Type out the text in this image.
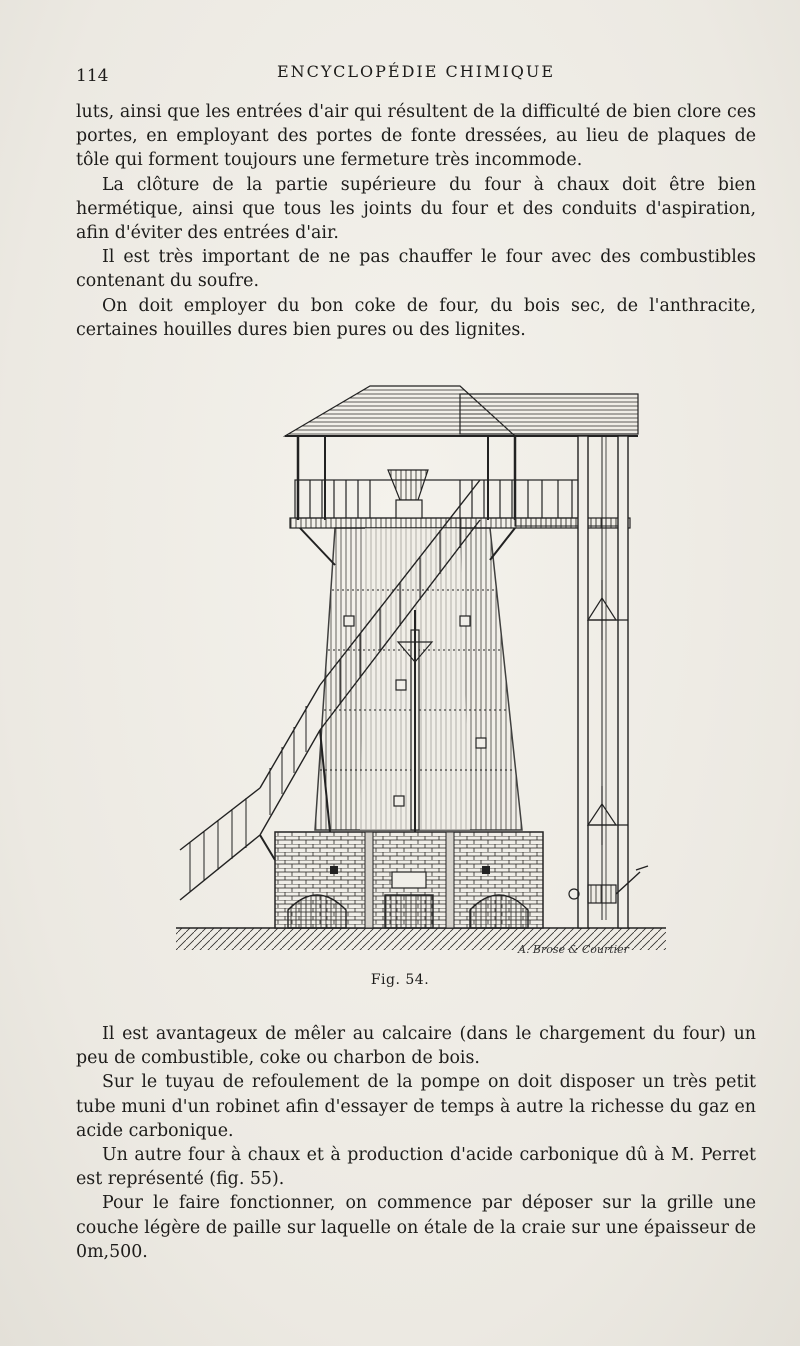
114	ENCYCLOPÉDIE CHIMIQUE

luts, ainsi que les entrées d'air qui résultent de la difficulté de bien clore ces portes, en employant des portes de fonte dressées, au lieu de plaques de tôle qui forment toujours une fermeture très incommode.

La clôture de la partie supérieure du four à chaux doit être bien hermétique, ainsi que tous les joints du four et des conduits d'aspiration, afin d'éviter des entrées d'air.

Il est très important de ne pas chauffer le four avec des combustibles contenant du soufre.

On doit employer du bon coke de four, du bois sec, de l'anthracite, certaines houilles dures bien pures ou des lignites.

A. Brose & Courtier
Fig. 54.

Il est avantageux de mêler au calcaire (dans le chargement du four) un peu de combustible, coke ou charbon de bois.

Sur le tuyau de refoulement de la pompe on doit disposer un très petit tube muni d'un robinet afin d'essayer de temps à autre la richesse du gaz en acide carbonique.

Un autre four à chaux et à production d'acide carbonique dû à M. Perret est représenté (fig. 55).

Pour le faire fonctionner, on commence par déposer sur la grille une couche légère de paille sur laquelle on étale de la craie sur une épaisseur de 0m,500.
